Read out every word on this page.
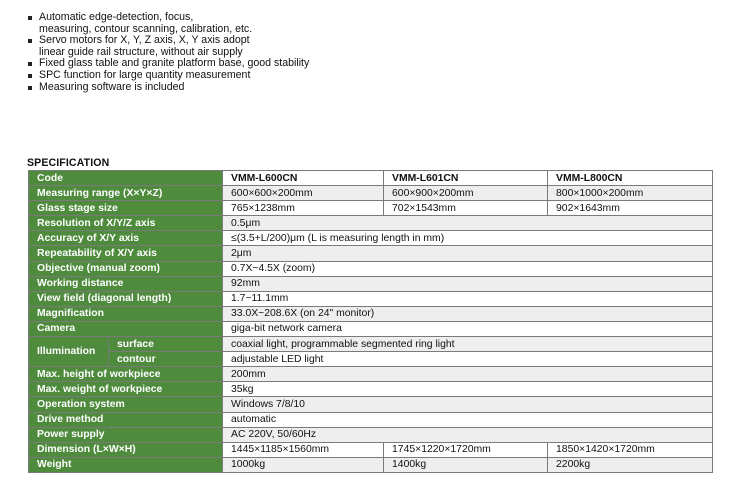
Automatic edge-detection, focus,
measuring, contour scanning, calibration, etc.
Servo motors for X, Y, Z axis, X, Y axis adopt
linear guide rail structure, without air supply
Fixed glass table and granite platform base, good stability
SPC function for large quantity measurement
Measuring software is included
SPECIFICATION
Code		VMM-L600CN	VMM-L601CN	VMM-L800CN
Measuring range (X×Y×Z)		600×600×200mm	600×900×200mm	800×1000×200mm
Glass stage size		765×1238mm	702×1543mm	902×1643mm
Resolution of X/Y/Z axis		0.5μm		
Accuracy of X/Y axis		≤(3.5+L/200)μm (L is measuring length in mm)		
Repeatability of X/Y axis		2μm		
Objective (manual zoom)		0.7X~4.5X (zoom)		
Working distance		92mm		
View field (diagonal length)		1.7~11.1mm		
Magnification		33.0X~208.6X (on 24" monitor)		
Camera		giga-bit network camera		
Illumination	surface	coaxial light, programmable segmented ring light		
	contour	adjustable LED light		
Max. height of workpiece		200mm		
Max. weight of workpiece		35kg		
Operation system		Windows 7/8/10		
Drive method		automatic		
Power supply		AC 220V, 50/60Hz		
Dimension (L×W×H)		1445×1185×1560mm	1745×1220×1720mm	1850×1420×1720mm
Weight		1000kg	1400kg	2200kg
